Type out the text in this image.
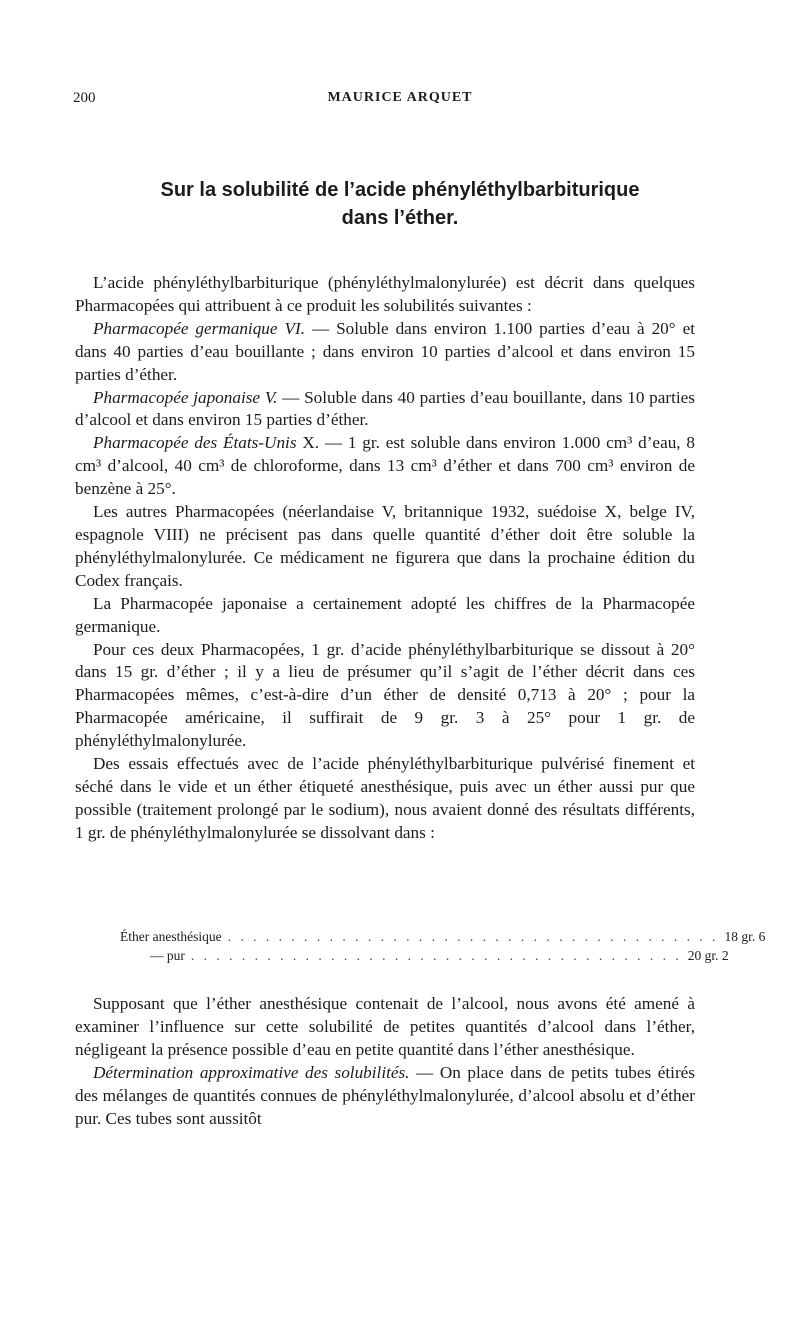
200	MAURICE ARQUET
Sur la solubilité de l’acide phényléthylbarbiturique
dans l’éther.

L’acide phényléthylbarbiturique (phényléthylmalonylurée) est décrit dans quelques Pharmacopées qui attribuent à ce produit les solubilités suivantes :

Pharmacopée germanique VI. — Soluble dans environ 1.100 parties d’eau à 20° et dans 40 parties d’eau bouillante ; dans environ 10 parties d’alcool et dans environ 15 parties d’éther.

Pharmacopée japonaise V. — Soluble dans 40 parties d’eau bouillante, dans 10 parties d’alcool et dans environ 15 parties d’éther.

Pharmacopée des États-Unis X. — 1 gr. est soluble dans environ 1.000 cm³ d’eau, 8 cm³ d’alcool, 40 cm³ de chloroforme, dans 13 cm³ d’éther et dans 700 cm³ environ de benzène à 25°.

Les autres Pharmacopées (néerlandaise V, britannique 1932, suédoise X, belge IV, espagnole VIII) ne précisent pas dans quelle quantité d’éther doit être soluble la phényléthylmalonylurée. Ce médicament ne figurera que dans la prochaine édition du Codex français.

La Pharmacopée japonaise a certainement adopté les chiffres de la Pharmacopée germanique.

Pour ces deux Pharmacopées, 1 gr. d’acide phényléthylbarbiturique se dissout à 20° dans 15 gr. d’éther ; il y a lieu de présumer qu’il s’agit de l’éther décrit dans ces Pharmacopées mêmes, c’est-à-dire d’un éther de densité 0,713 à 20° ; pour la Pharmacopée américaine, il suffirait de 9 gr. 3 à 25° pour 1 gr. de phényléthylmalonylurée.

Des essais effectués avec de l’acide phényléthylbarbiturique pulvérisé finement et séché dans le vide et un éther étiqueté anesthésique, puis avec un éther aussi pur que possible (traitement prolongé par le sodium), nous avaient donné des résultats différents, 1 gr. de phényléthylmalonylurée se dissolvant dans :

Éther anesthésique . . . . . . . . . . . . . . . . . . . . . . . . . . . . . . . . . . . . . . . 18 gr. 6
— pur . . . . . . . . . . . . . . . . . . . . . . . . . . . . . . . . . . . . . . . 20 gr. 2

Supposant que l’éther anesthésique contenait de l’alcool, nous avons été amené à examiner l’influence sur cette solubilité de petites quantités d’alcool dans l’éther, négligeant la présence possible d’eau en petite quantité dans l’éther anesthésique.

Détermination approximative des solubilités. — On place dans de petits tubes étirés des mélanges de quantités connues de phényléthylmalonylurée, d’alcool absolu et d’éther pur. Ces tubes sont aussitôt
